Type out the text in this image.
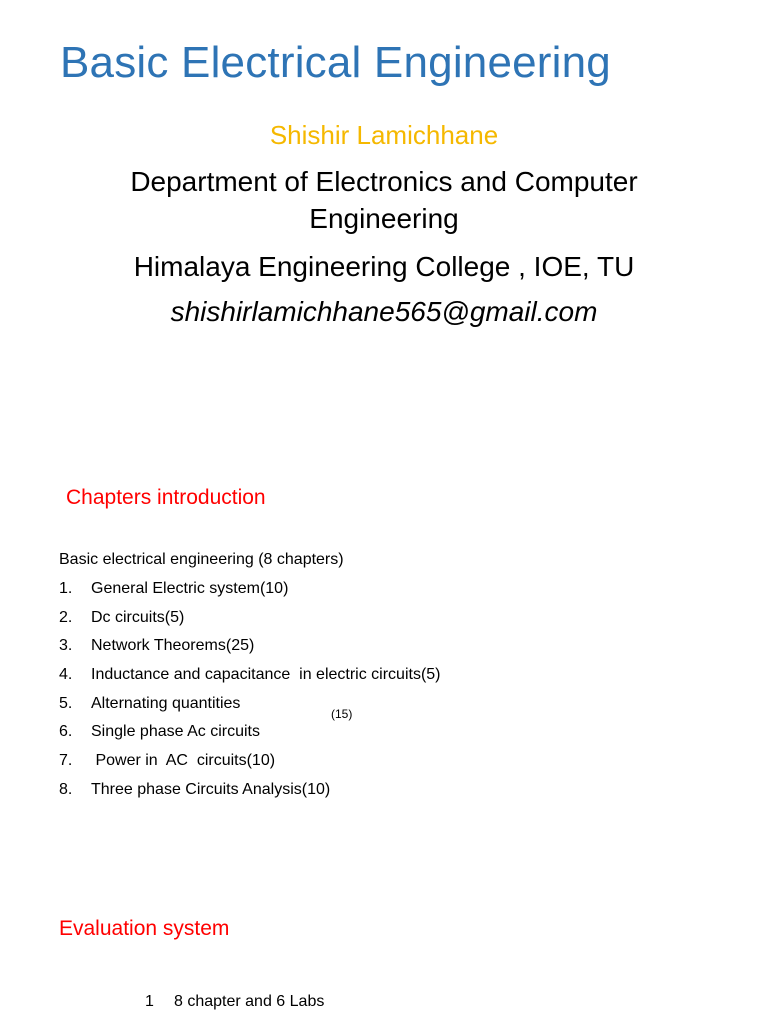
Basic Electrical Engineering
Shishir Lamichhane
Department of Electronics and Computer
Engineering
Himalaya Engineering College , IOE, TU
shishirlamichhane565@gmail.com
Chapters introduction
Basic electrical engineering (8 chapters)
1.	General Electric system(10)
2.	Dc circuits(5)
3.	Network Theorems(25)
4.	Inductance and capacitance  in electric circuits(5)
5.	Alternating quantities
6.	Single phase Ac circuits
7.	Power in  AC  circuits(10)
8.	Three phase Circuits Analysis(10)
(15)
Evaluation system
1 8 chapter and 6 Labs
